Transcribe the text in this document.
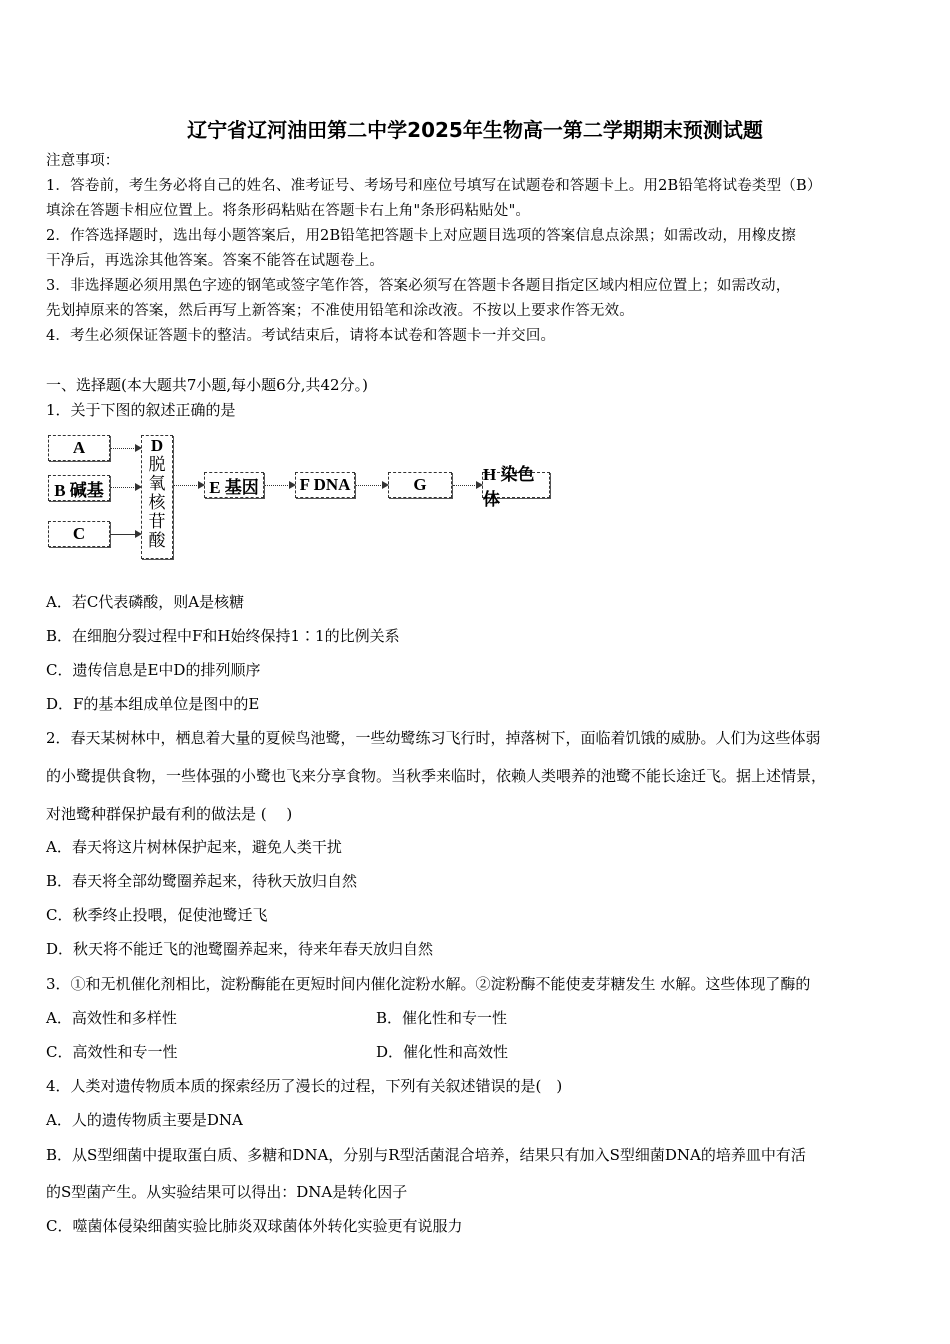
辽宁省辽河油田第二中学2025年生物高一第二学期期末预测试题
注意事项：
1．答卷前，考生务必将自己的姓名、准考证号、考场号和座位号填写在试题卷和答题卡上。用2B铅笔将试卷类型（B）
填涂在答题卡相应位置上。将条形码粘贴在答题卡右上角"条形码粘贴处"。
2．作答选择题时，选出每小题答案后，用2B铅笔把答题卡上对应题目选项的答案信息点涂黑；如需改动，用橡皮擦
干净后，再选涂其他答案。答案不能答在试题卷上。
3．非选择题必须用黑色字迹的钢笔或签字笔作答，答案必须写在答题卡各题目指定区域内相应位置上；如需改动，
先划掉原来的答案，然后再写上新答案；不准使用铅笔和涂改液。不按以上要求作答无效。
4．考生必须保证答题卡的整洁。考试结束后，请将本试卷和答题卡一并交回。
一、选择题(本大题共7小题,每小题6分,共42分。)
1．关于下图的叙述正确的是
A
B 碱基
C
D
脱
氧
核
苷
酸
E 基因 F DNA	G
H 染色体
A．若C代表磷酸，则A是核糖
B．在细胞分裂过程中F和H始终保持1∶1的比例关系
C．遗传信息是E中D的排列顺序
D．F的基本组成单位是图中的E
2．春天某树林中，栖息着大量的夏候鸟池鹭，一些幼鹭练习飞行时，掉落树下，面临着饥饿的威胁。人们为这些体弱
的小鹭提供食物，一些体强的小鹭也飞来分享食物。当秋季来临时，依赖人类喂养的池鹭不能长途迁飞。据上述情景，
对池鹭种群保护最有利的做法是 (　 )
A．春天将这片树林保护起来，避免人类干扰
B．春天将全部幼鹭圈养起来，待秋天放归自然
C．秋季终止投喂，促使池鹭迁飞
D．秋天将不能迁飞的池鹭圈养起来，待来年春天放归自然
3．①和无机催化剂相比，淀粉酶能在更短时间内催化淀粉水解。②淀粉酶不能使麦芽糖发生 水解。这些体现了酶的
A．高效性和多样性	B．催化性和专一性
C．高效性和专一性	D．催化性和高效性
4．人类对遗传物质本质的探索经历了漫长的过程，下列有关叙述错误的是(　)
A．人的遗传物质主要是DNA
B．从S型细菌中提取蛋白质、多糖和DNA，分别与R型活菌混合培养，结果只有加入S型细菌DNA的培养皿中有活
的S型菌产生。从实验结果可以得出：DNA是转化因子
C．噬菌体侵染细菌实验比肺炎双球菌体外转化实验更有说服力
